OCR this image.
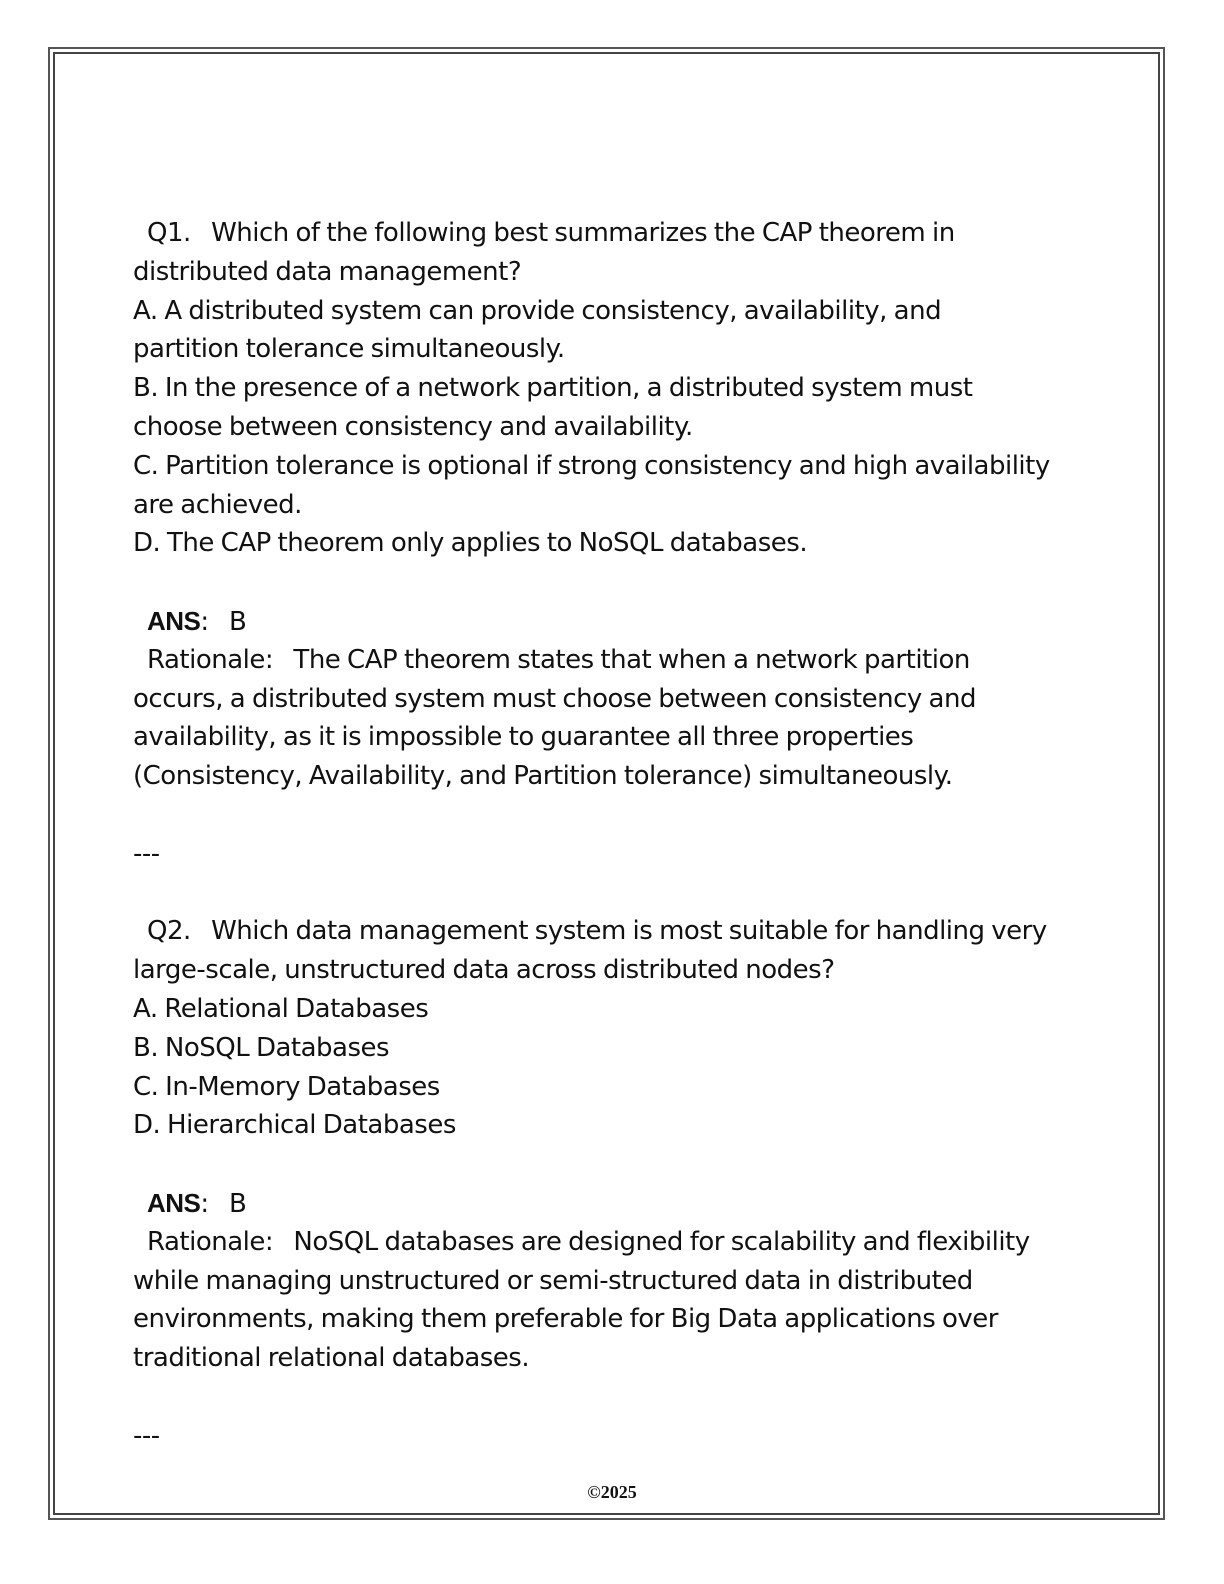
Q1.   Which of the following best summarizes the CAP theorem in
distributed data management?
A. A distributed system can provide consistency, availability, and
partition tolerance simultaneously.
B. In the presence of a network partition, a distributed system must
choose between consistency and availability.
C. Partition tolerance is optional if strong consistency and high availability
are achieved.
D. The CAP theorem only applies to NoSQL databases.
ANS:   B
Rationale:   The CAP theorem states that when a network partition
occurs, a distributed system must choose between consistency and
availability, as it is impossible to guarantee all three properties
(Consistency, Availability, and Partition tolerance) simultaneously.
---
Q2.   Which data management system is most suitable for handling very
large-scale, unstructured data across distributed nodes?
A. Relational Databases
B. NoSQL Databases
C. In-Memory Databases
D. Hierarchical Databases
ANS:   B
Rationale:   NoSQL databases are designed for scalability and flexibility
while managing unstructured or semi-structured data in distributed
environments, making them preferable for Big Data applications over
traditional relational databases.
---
©2025
